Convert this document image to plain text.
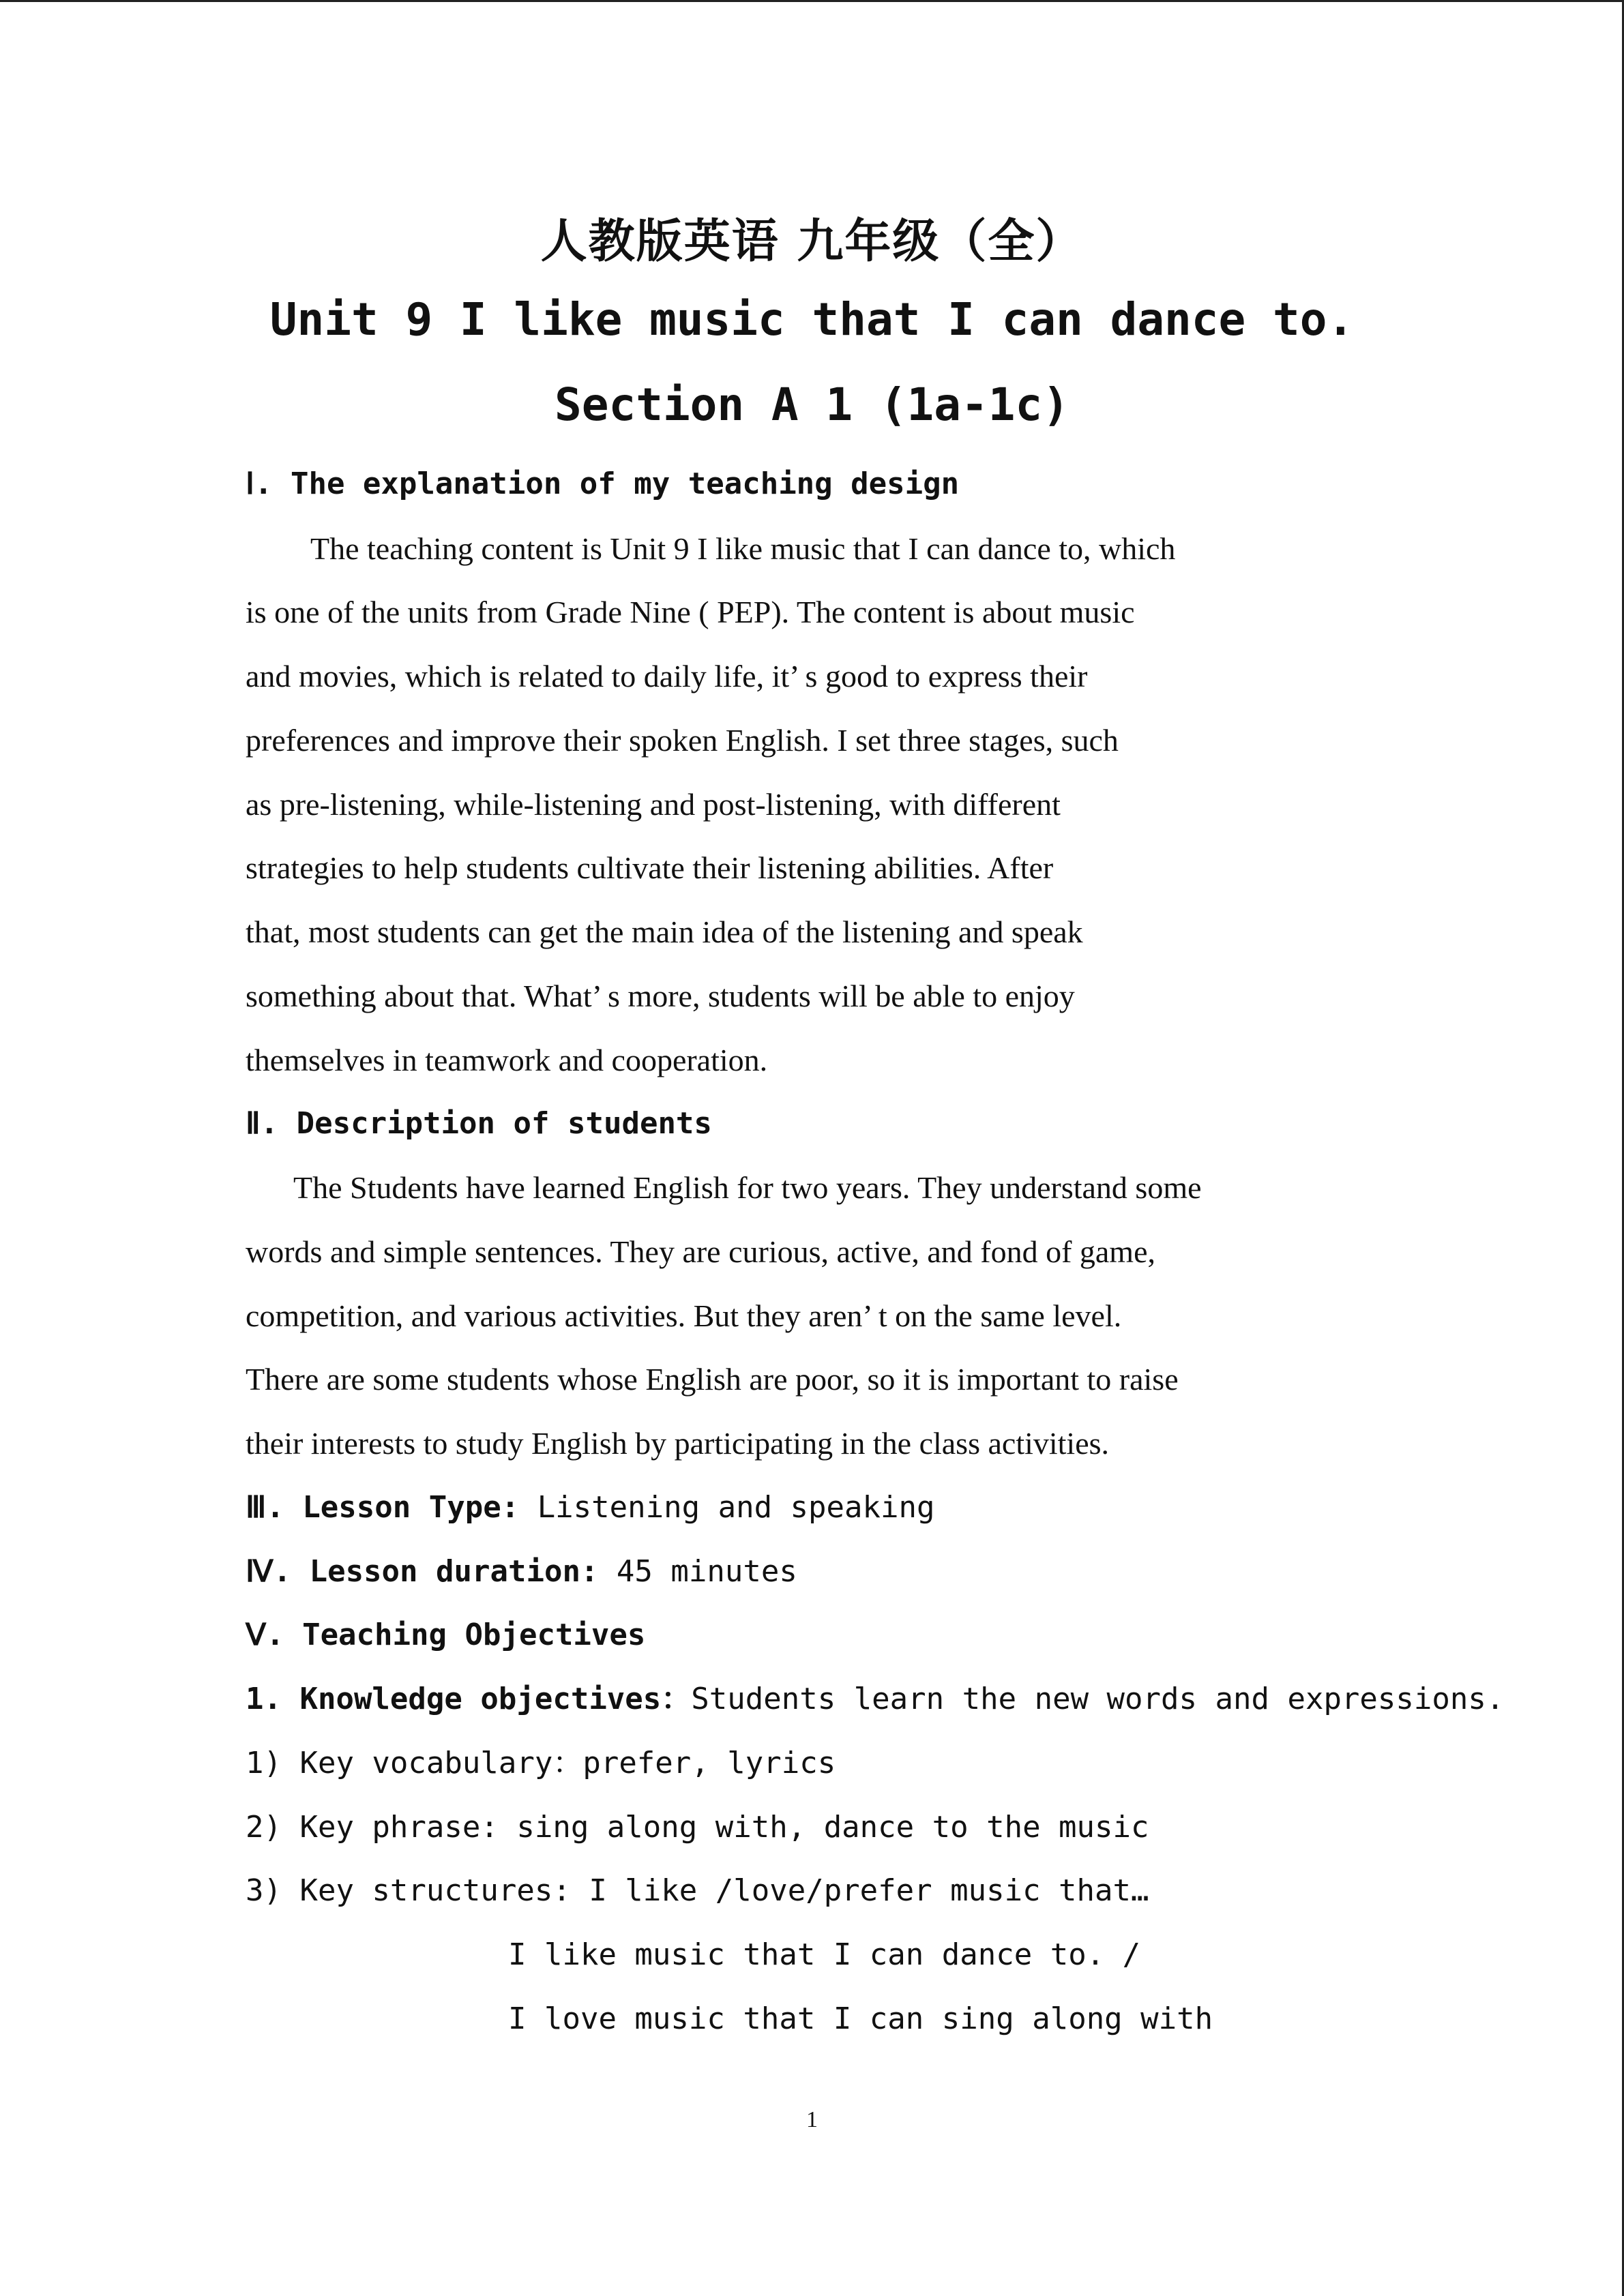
人教版英语 九年级（全）
Unit 9 I like music that I can dance to.
Section A 1 (1a-1c)
Ⅰ. The explanation of my teaching design
The teaching content is Unit 9 I like music that I can dance to, which
is one of the units from Grade Nine ( PEP). The content is about music
and movies, which is related to daily life, it’ s good to express their
preferences and improve their spoken English. I set three stages, such
as pre-listening, while-listening and post-listening, with different
strategies to help students cultivate their listening abilities. After
that, most students can get the main idea of the listening and speak
something about that. What’ s more, students will be able to enjoy
themselves in teamwork and cooperation.
Ⅱ. Description of students
The Students have learned English for two years. They understand some
words and simple sentences. They are curious, active, and fond of game,
competition, and various activities. But they aren’ t on the same level.
There are some students whose English are poor, so it is important to raise
their interests to study English by participating in the class activities.
Ⅲ. Lesson Type: Listening and speaking
Ⅳ. Lesson duration: 45 minutes
Ⅴ. Teaching Objectives
1. Knowledge objectives：Students learn the new words and expressions.
1) Key vocabulary：prefer, lyrics
2) Key phrase: sing along with, dance to the music
3) Key structures: I like /love/prefer music that…
I like music that I can dance to. /
I love music that I can sing along with
1
